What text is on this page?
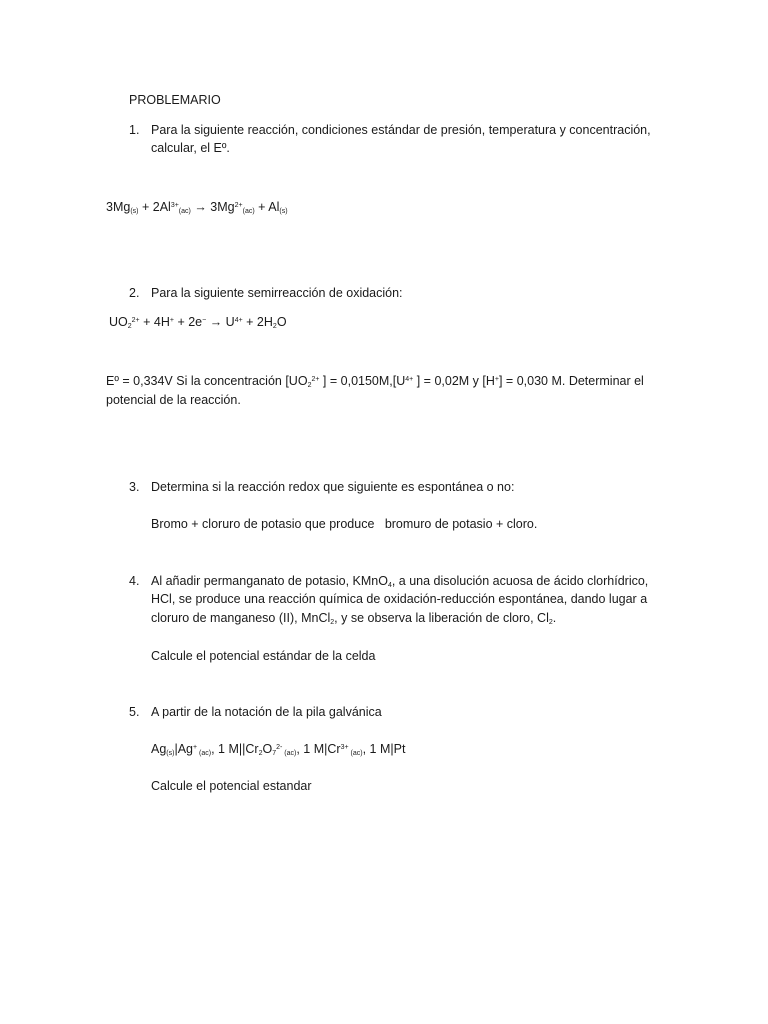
PROBLEMARIO

1. Para la siguiente reacción, condiciones estándar de presión, temperatura y concentración,

calcular, el Eº.

$3Mg_{(s)} + 2Al^{3+}_{(ac)} \to 3Mg^{2+}_{(ac)} + Al_{(s)}$

2. Para la siguiente semirreacción de oxidación:

$UO_2^{2+} + 4H^+ + 2e^- \to U^{4+} + 2H_2O$

Eº = 0,334V Si la concentración [$UO_2^{2+}$ ] = $0,0150M,[U^{4+}$ ] = 0,02M y [H+] = 0,030 M. Determinar el

potencial de la reacción.

3. Determina si la reacción redox que siguiente es espontánea o no:

Bromo + cloruro de potasio que produce   bromuro de potasio + cloro.

4. Al añadir permanganato de potasio, KMnO$_4$, a una disolución acuosa de ácido clorhídrico,

HCl, se produce una reacción química de oxidación-reducción espontánea, dando lugar a

cloruro de manganeso (II), MnCl$_2$, y se observa la liberación de cloro, $Cl_2$.

Calcule el potencial estándar de la celda

5. A partir de la notación de la pila galvánica

$Ag_{(s)}|Ag^+$ $_{(ac)}$, 1 $M||Cr_2O_7^{2-}$ $_{(ac)}$, 1 $M|Cr^{3+}$ $_{(ac)}$, 1 M|Pt

Calcule el potencial estandar
